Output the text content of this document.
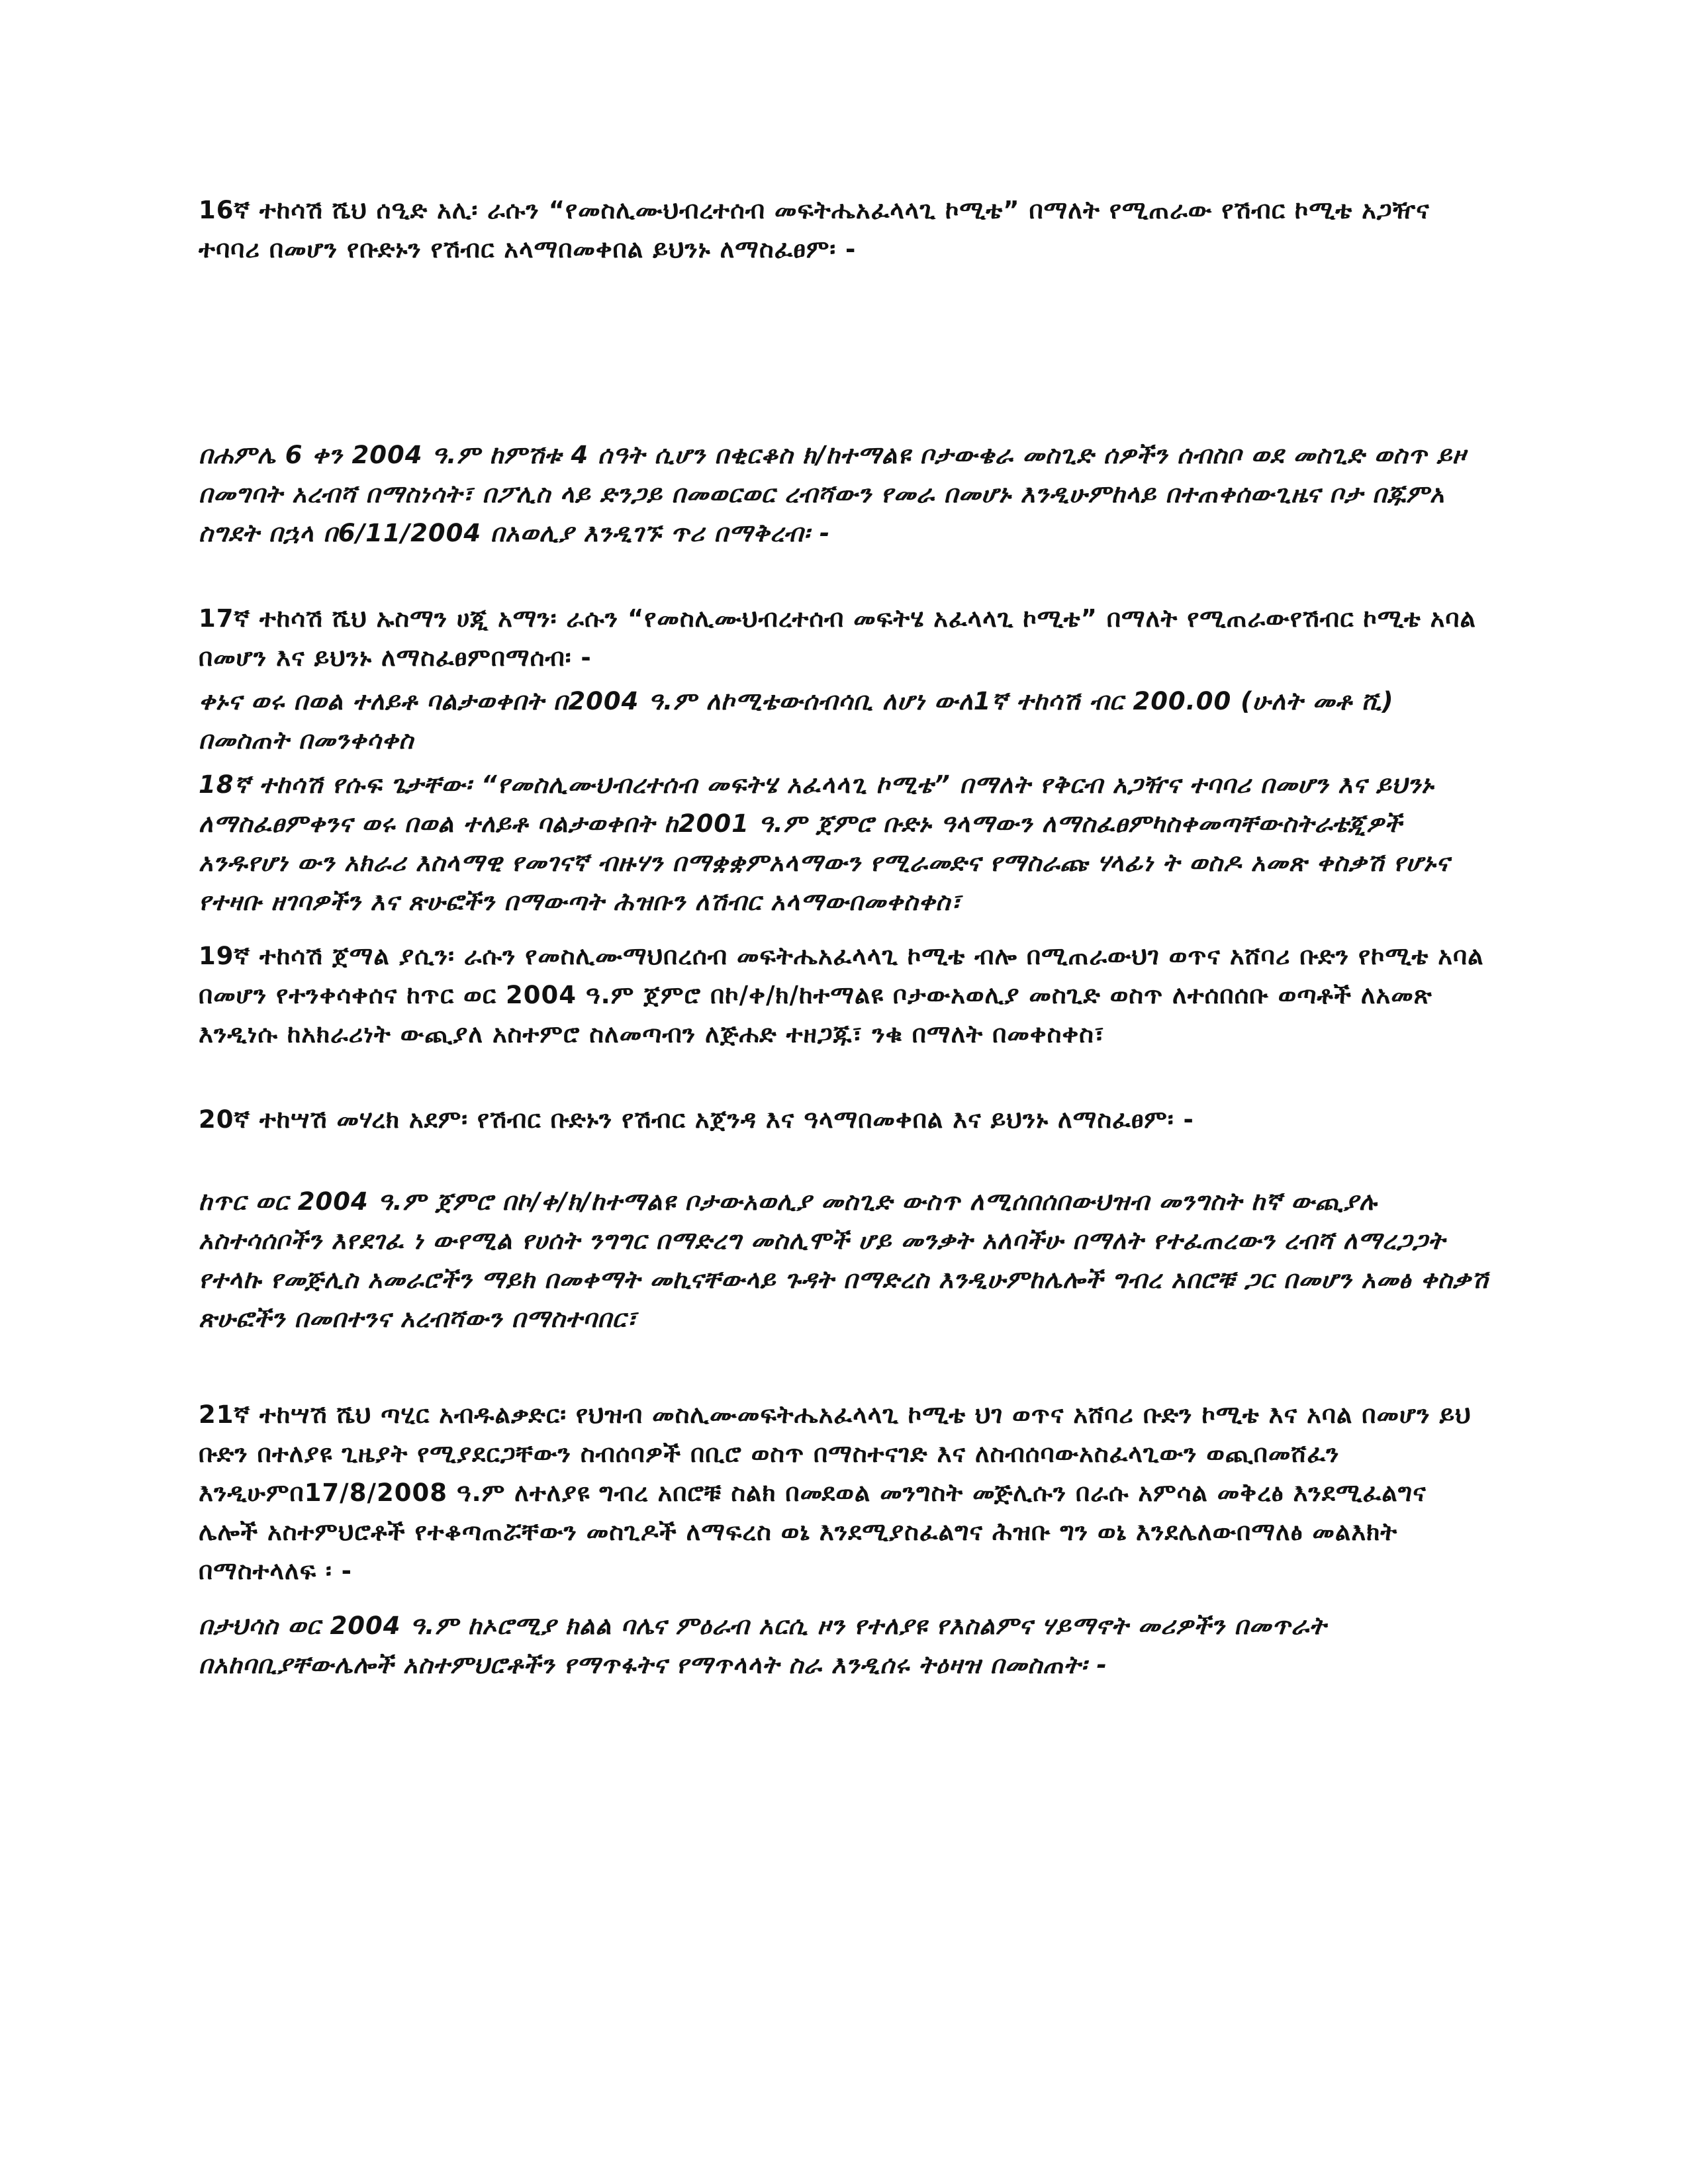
16ኛ ተከሳሽ ሼህ ሰዒድ አሊ፡ ራሱን “የመስሊሙህብረተሰብ መፍትሔአፈላላጊ ኮሚቴ” በማለት የሚጠራው የሽብር ኮሚቴ አጋዥና ተባባሪ በመሆን የቡድኑን የሽብር አላማበመቀበል ይህንኑ ለማስፈፀም፡ -

በሐምሌ 6 ቀን 2004 ዓ.ም ከምሽቱ 4 ሰዓት ሲሆን በቂርቆስ ክ/ከተማልዩ ቦታውቄራ መስጊድ ሰዎችን ሰብስቦ ወደ መስጊድ ወስጥ ይዞ በመግባት አረብሻ በማስነሳት፣ በፖሊስ ላይ ድንጋይ በመወርወር ረብሻውን የመራ በመሆኑ እንዲሁምከላይ በተጠቀሰውጊዜና ቦታ በጁምአ ስግደት በኋላ በ6/11/2004 በአወሊያ እንዲገኙ ጥሪ በማቅረብ፡ -

17ኛ ተከሳሽ ሼህ ኡስማን ሀጂ አማን፡ ራሱን “የመስሊሙህብረተሰብ መፍትሄ አፈላላጊ ኮሚቴ” በማለት የሚጠራውየሽብር ኮሚቴ አባል በመሆን እና ይህንኑ ለማስፈፀምበማሰብ፡ -

ቀኑና ወሩ በወል ተለይቶ ባልታወቀበት በ2004 ዓ.ም ለኮሚቴውሰብሳቢ ለሆነ ውለ1ኛ ተከሳሽ ብር 200.00 (ሁለት መቶ ሺ) በመስጠት በመንቀሳቀስ

18ኛ ተከሳሽ የሱፍ ጌታቸው፡ “የመስሊሙህብረተሰብ መፍትሄ አፈላላጊ ኮሚቴ” በማለት የቅርብ አጋዥና ተባባሪ በመሆን እና ይህንኑ ለማስፈፀምቀንና ወሩ በወል ተለይቶ ባልታወቀበት ከ2001 ዓ.ም ጀምሮ ቡድኑ ዓላማውን ለማስፈፀምካስቀመጣቸውስትራቴጂዎች አንዱየሆነ ውን አክራሪ እስላማዊ የመገናኛ ብዙሃን በማቋቋምአላማውን የሚራመድና የማስራጩ ሃላፊነ ት ወስዶ አመጽ ቀስቃሽ የሆኑና የተዛቡ ዘገባዎችን እና ጽሁፎችን በማውጣት ሕዝቡን ለሽብር አላማውበመቀስቀስ፣

19ኛ ተከሳሽ ጀማል ያሲን፡ ራሱን የመስሊሙማህበረሰብ መፍትሔአፈላላጊ ኮሚቴ ብሎ በሚጠራውህገ ወጥና አሸባሪ ቡድን የኮሚቴ አባል በመሆን የተንቀሳቀሰና ከጥር ወር 2004 ዓ.ም ጀምሮ በኮ/ቀ/ክ/ከተማልዩ ቦታውአወሊያ መስጊድ ወስጥ ለተሰበሰቡ ወጣቶች ለአመጽ እንዲነሱ ከአክራሪነት ውጪያለ አስተምሮ ስለመጣብን ለጅሐድ ተዘጋጁ፣ ንቁ በማለት በመቀስቀስ፣

20ኛ ተከሣሽ መሃረክ አደም፡ የሽብር ቡድኑን የሽብር አጀንዳ እና ዓላማበመቀበል እና ይህንኑ ለማስፈፀም፡ -

ከጥር ወር 2004 ዓ.ም ጀምሮ በኮ/ቀ/ክ/ከተማልዩ ቦታውአወሊያ መስጊድ ውስጥ ለሚሰበሰበውህዝብ መንግስት ከኛ ውጪያሉ አስተሳሰቦችን እየደገፈ ነ ውየሚል የሀሰት ንግግር በማድረግ መስሊሞች ሆይ መንቃት አለባችሁ በማለት የተፈጠረውን ረብሻ ለማረጋጋት የተላኩ የመጅሊስ አመራሮችን ማይክ በመቀማት መኪናቸውላይ ጉዳት በማድረስ እንዲሁምከሌሎች ግብረ አበሮቹ ጋር በመሆን አመፅ ቀስቃሽ ጽሁፎችን በመበተንና አረብሻውን በማስተባበር፣

21ኛ ተከሣሽ ሼህ ጣሂር አብዱልቃድር፡ የህዝብ መስሊሙመፍትሔአፈላላጊ ኮሚቴ ህገ ወጥና አሸባሪ ቡድን ኮሚቴ እና አባል በመሆን ይህ ቡድን በተለያዩ ጊዜያት የሚያደርጋቸውን ስብሰባዎች በቢሮ ወስጥ በማስተናገድ እና ለስብሰባውአስፈላጊውን ወጪበመሸፈን እንዲሁምበ17/8/2008 ዓ.ም ለተለያዩ ግብረ አበሮቹ ስልክ በመደወል መንግስት መጅሊሱን በራሱ አምሳል መቅረፅ እንደሚፈልግና ሌሎች አስተምህሮቶች የተቆጣጠሯቸውን መስጊዶች ለማፍረስ ወኔ እንደሚያስፈልግና ሕዝቡ ግን ወኔ እንደሌለውበማለፅ መልእክት በማስተላለፍ ፡ -

በታህሳስ ወር 2004 ዓ.ም ከኦሮሚያ ክልል ባሌና ምዕራብ አርሲ ዞን የተለያዩ የእስልምና ሃይማኖት መሪዎችን በመጥራት በአከባቢያቸውሌሎች አስተምህሮቶችን የማጥፋትና የማጥላላት ስራ እንዲሰሩ ትዕዛዝ በመስጠት፡ -
